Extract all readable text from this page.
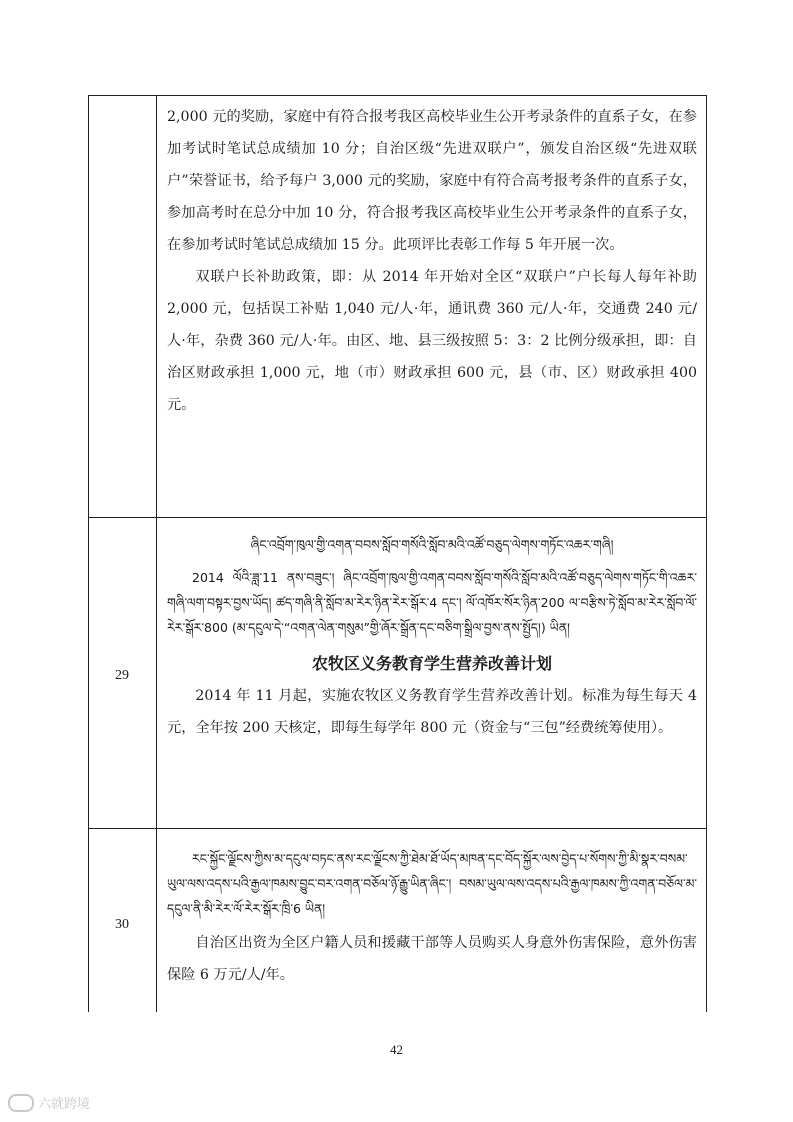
2,000 元的奖励，家庭中有符合报考我区高校毕业生公开考录条件的直系子女，在参加考试时笔试总成绩加 10 分；自治区级“先进双联户”，颁发自治区级“先进双联户”荣誉证书，给予每户 3,000 元的奖励，家庭中有符合高考报考条件的直系子女，参加高考时在总分中加 10 分，符合报考我区高校毕业生公开考录条件的直系子女，在参加考试时笔试总成绩加 15 分。此项评比表彰工作每 5 年开展一次。

双联户长补助政策，即：从 2014 年开始对全区“双联户”户长每人每年补助 2,000 元，包括误工补贴 1,040 元/人·年，通讯费 360 元/人·年，交通费 240 元/人·年，杂费 360 元/人·年。由区、地、县三级按照 5：3：2 比例分级承担，即：自治区财政承担 1,000 元，地（市）财政承担 600 元，县（市、区）财政承担 400 元。

29

ཞིང་འབྲོག་ཁུལ་གྱི་འགན་བབས་སློབ་གསོའི་སློབ་མའི་འཚོ་བཅུད་ལེགས་གཏོང་འཆར་གཞི།

2014 ལོའི་ཟླ་11 ནས་བཟུང་། ཞིང་འབྲོག་ཁུལ་གྱི་འགན་བབས་སློབ་གསོའི་སློབ་མའི་འཚོ་བཅུད་ལེགས་གཏོང་གི་འཆར་གཞི་ལག་བསྟར་བྱས་ཡོད། ཚད་གཞི་ནི་སློབ་མ་རེར་ཉིན་རེར་སྒོར་4 དང་། ལོ་འཁོར་སོར་ཉིན་200 ལ་བརྩིས་ཏེ་སློབ་མ་རེར་སློབ་ལོ་རེར་སྒོར་800 (མ་དངུལ་དེ་“འགན་ལེན་གསུམ”གྱི་ཞོར་སྒྲོན་དང་བཅིག་སྒྲིལ་བྱས་ནས་སྤྱོད།) ཡིན།

农牧区义务教育学生营养改善计划

2014 年 11 月起，实施农牧区义务教育学生营养改善计划。标准为每生每天 4 元，全年按 200 天核定，即每生每学年 800 元（资金与“三包”经费统筹使用）。

30

རང་སྐྱོང་ལྗོངས་ཀྱིས་མ་དངུལ་བཏང་ནས་རང་ལྗོངས་ཀྱི་ཐེམ་ཐོ་ཡོད་མཁན་དང་བོད་སྐྱོར་ལས་བྱེད་པ་སོགས་ཀྱི་མི་སྣར་བསམ་ཡུལ་ལས་འདས་པའི་རྒྱལ་ཁམས་བྱུང་བར་འགན་བཅོལ་ཉོ་རྒྱུ་ཡིན་ཞིང་། བསམ་ཡུལ་ལས་འདས་པའི་རྒྱལ་ཁམས་ཀྱི་འགན་བཅོལ་མ་དངུལ་ནི་མི་རེར་ལོ་རེར་སྒོར་ཁྲི་6 ཡིན།

自治区出资为全区户籍人员和援藏干部等人员购买人身意外伤害保险，意外伤害保险 6 万元/人/年。

42
六就跨境
